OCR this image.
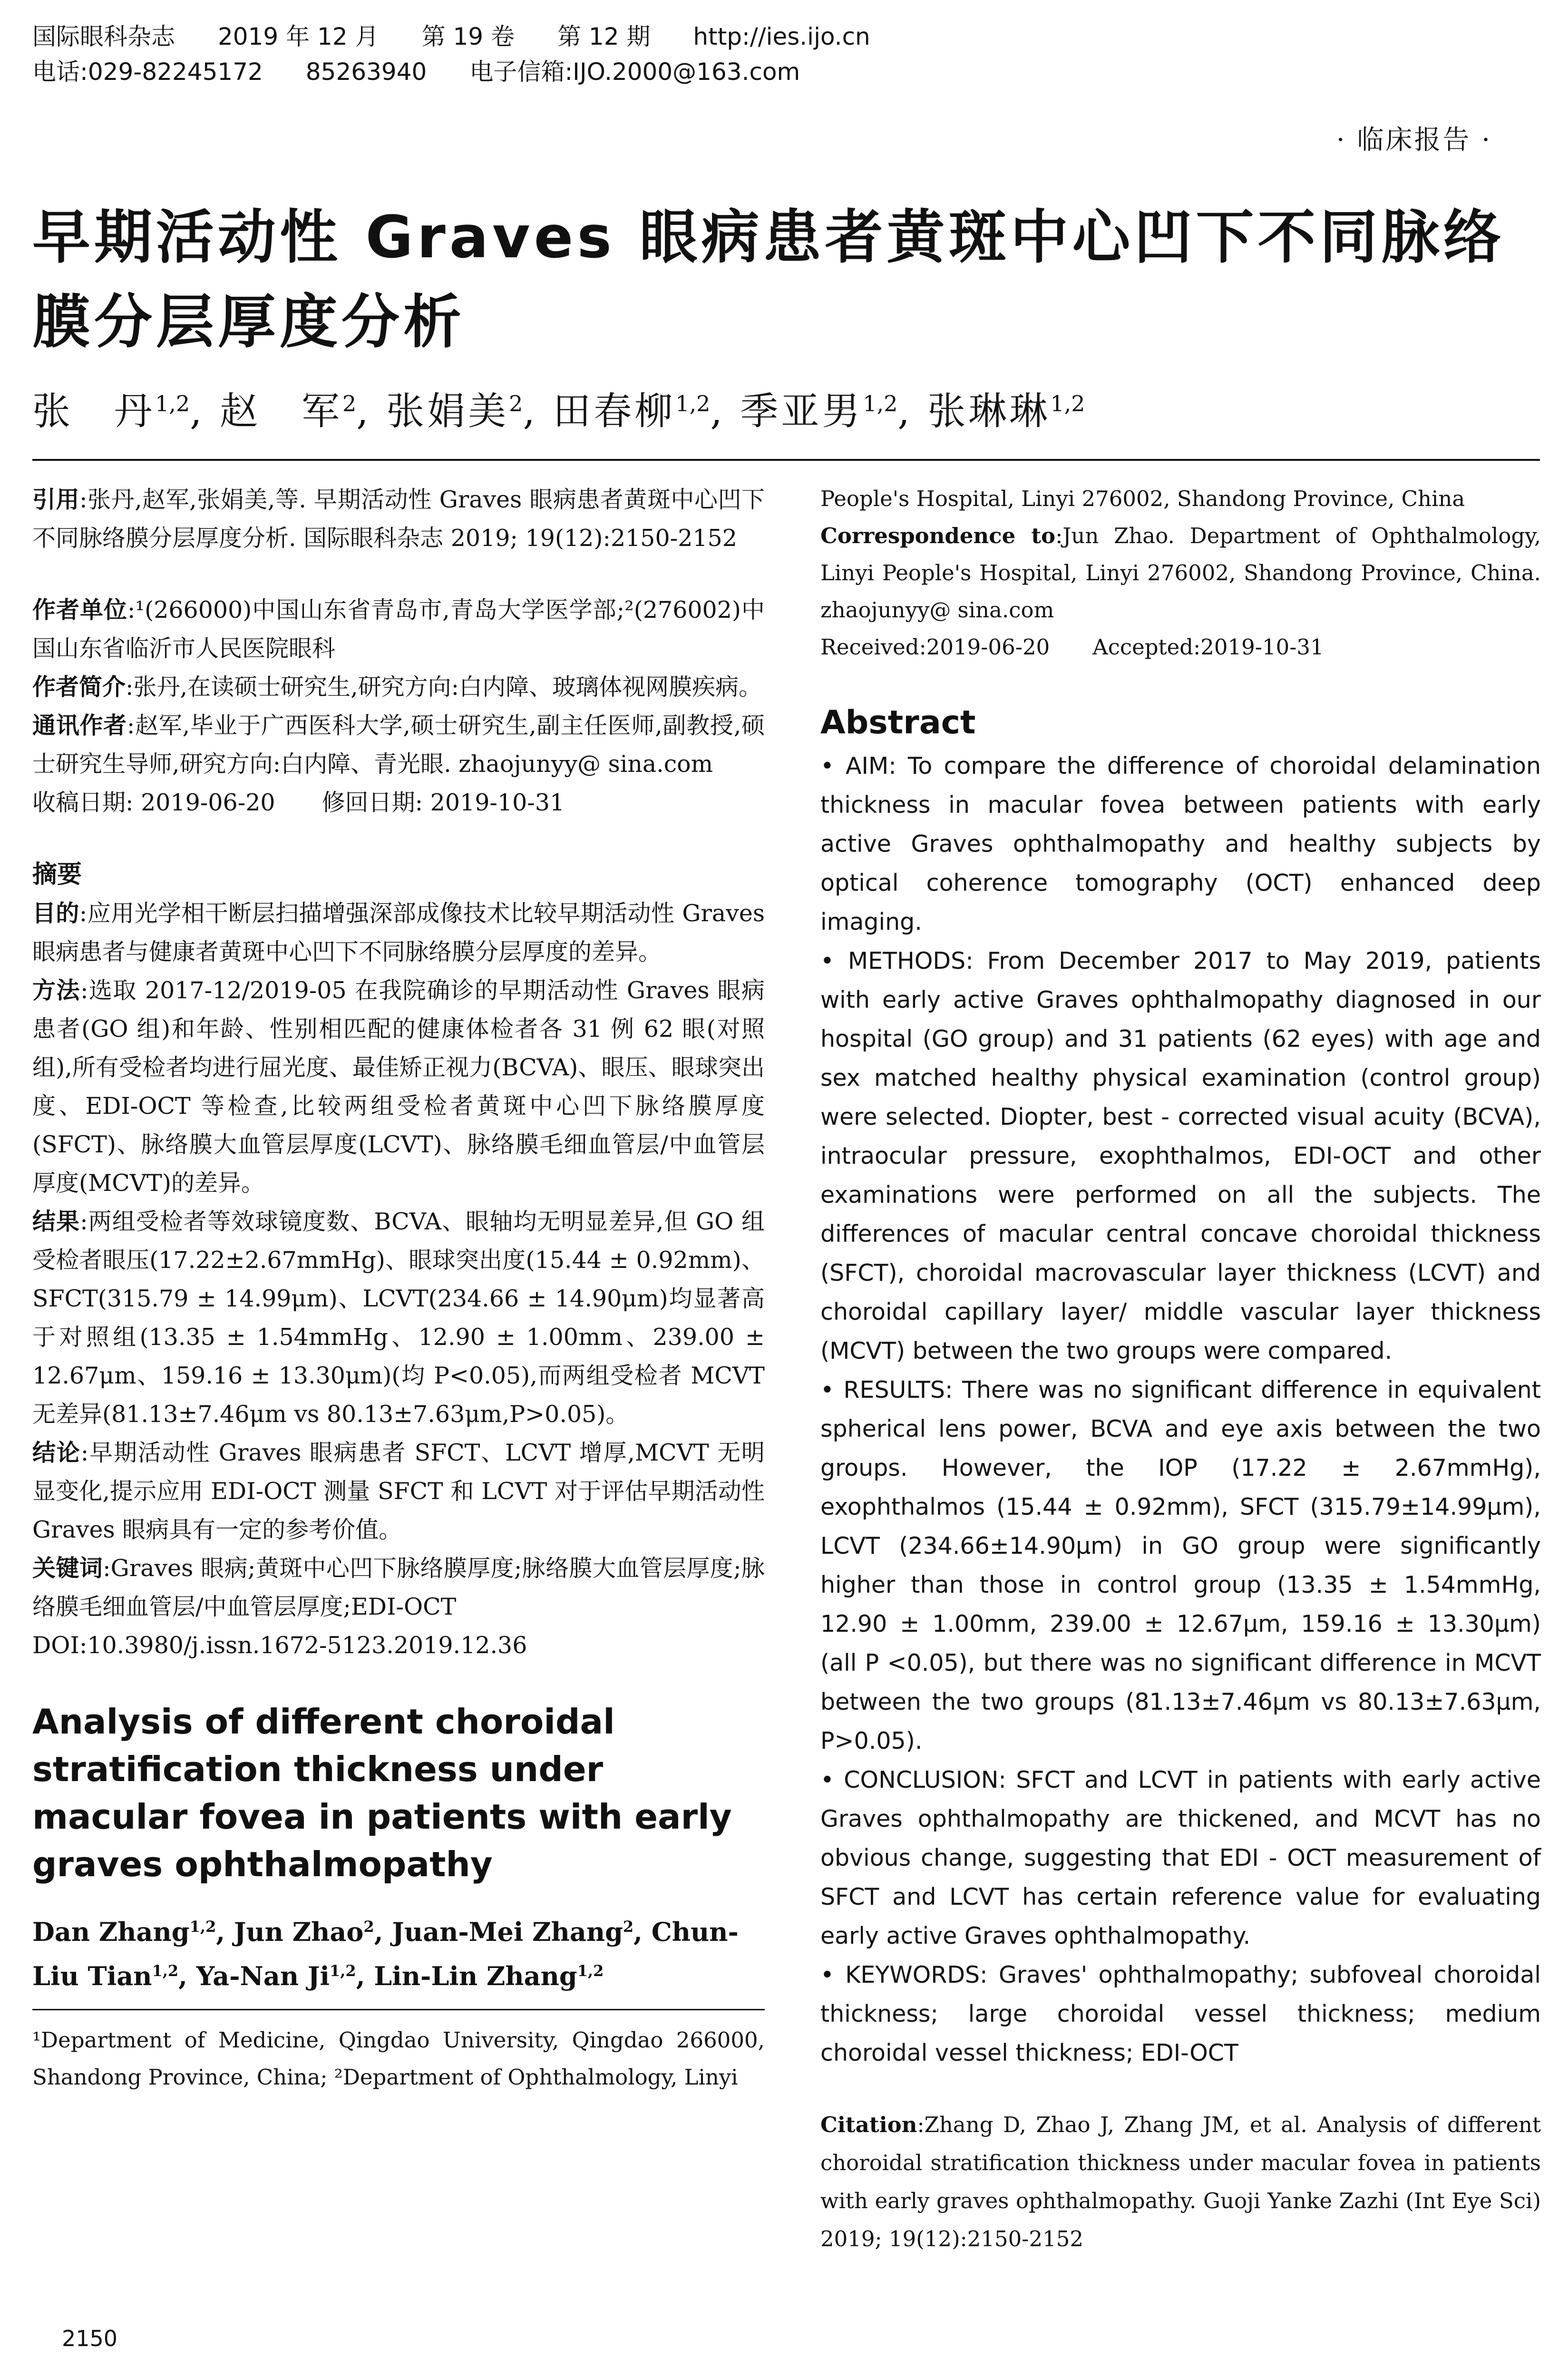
国际眼科杂志 2019 年 12 月 第 19 卷 第 12 期 http://ies.ijo.cn
电话:029-82245172 85263940 电子信箱:IJO.2000@163.com
· 临床报告 ·
早期活动性 Graves 眼病患者黄斑中心凹下不同脉络膜分层厚度分析
张　丹$^{1,2}$, 赵　军$^2$, 张娟美$^2$, 田春柳$^{1,2}$, 季亚男$^{1,2}$, 张琳琳$^{1,2}$

引用:张丹,赵军,张娟美,等. 早期活动性 Graves 眼病患者黄斑中心凹下不同脉络膜分层厚度分析. 国际眼科杂志 2019; 19(12):2150-2152

作者单位:¹(266000)中国山东省青岛市,青岛大学医学部;²(276002)中国山东省临沂市人民医院眼科

作者简介:张丹,在读硕士研究生,研究方向:白内障、玻璃体视网膜疾病。

通讯作者:赵军,毕业于广西医科大学,硕士研究生,副主任医师,副教授,硕士研究生导师,研究方向:白内障、青光眼. zhaojunyy@ sina.com

收稿日期: 2019-06-20　　修回日期: 2019-10-31

摘要

目的:应用光学相干断层扫描增强深部成像技术比较早期活动性 Graves 眼病患者与健康者黄斑中心凹下不同脉络膜分层厚度的差异。

方法:选取 2017-12/2019-05 在我院确诊的早期活动性 Graves 眼病患者(GO 组)和年龄、性别相匹配的健康体检者各 31 例 62 眼(对照组),所有受检者均进行屈光度、最佳矫正视力(BCVA)、眼压、眼球突出度、EDI-OCT 等检查,比较两组受检者黄斑中心凹下脉络膜厚度(SFCT)、脉络膜大血管层厚度(LCVT)、脉络膜毛细血管层/中血管层厚度(MCVT)的差异。

结果:两组受检者等效球镜度数、BCVA、眼轴均无明显差异,但 GO 组受检者眼压(17.22±2.67mmHg)、眼球突出度(15.44 ± 0.92mm)、SFCT(315.79 ± 14.99μm)、LCVT(234.66 ± 14.90μm)均显著高于对照组(13.35 ± 1.54mmHg、12.90 ± 1.00mm、239.00 ± 12.67μm、159.16 ± 13.30μm)(均 P<0.05),而两组受检者 MCVT 无差异(81.13±7.46μm vs 80.13±7.63μm,P>0.05)。

结论:早期活动性 Graves 眼病患者 SFCT、LCVT 增厚,MCVT 无明显变化,提示应用 EDI-OCT 测量 SFCT 和 LCVT 对于评估早期活动性 Graves 眼病具有一定的参考价值。

关键词:Graves 眼病;黄斑中心凹下脉络膜厚度;脉络膜大血管层厚度;脉络膜毛细血管层/中血管层厚度;EDI-OCT

DOI:10.3980/j.issn.1672-5123.2019.12.36

Analysis of different choroidal stratification thickness under macular fovea in patients with early graves ophthalmopathy

Dan Zhang$^{1,2}$, Jun Zhao$^2$, Juan-Mei Zhang$^2$, Chun-Liu Tian$^{1,2}$, Ya-Nan Ji$^{1,2}$, Lin-Lin Zhang$^{1,2}$

¹Department of Medicine, Qingdao University, Qingdao 266000, Shandong Province, China; ²Department of Ophthalmology, Linyi

People's Hospital, Linyi 276002, Shandong Province, China

Correspondence to:Jun Zhao. Department of Ophthalmology, Linyi People's Hospital, Linyi 276002, Shandong Province, China. zhaojunyy@ sina.com

Received:2019-06-20　　Accepted:2019-10-31

Abstract

• AIM: To compare the difference of choroidal delamination thickness in macular fovea between patients with early active Graves ophthalmopathy and healthy subjects by optical coherence tomography (OCT) enhanced deep imaging.

• METHODS: From December 2017 to May 2019, patients with early active Graves ophthalmopathy diagnosed in our hospital (GO group) and 31 patients (62 eyes) with age and sex matched healthy physical examination (control group) were selected. Diopter, best - corrected visual acuity (BCVA), intraocular pressure, exophthalmos, EDI-OCT and other examinations were performed on all the subjects. The differences of macular central concave choroidal thickness (SFCT), choroidal macrovascular layer thickness (LCVT) and choroidal capillary layer/ middle vascular layer thickness (MCVT) between the two groups were compared.

• RESULTS: There was no significant difference in equivalent spherical lens power, BCVA and eye axis between the two groups. However, the IOP (17.22 ± 2.67mmHg), exophthalmos (15.44 ± 0.92mm), SFCT (315.79±14.99μm), LCVT (234.66±14.90μm) in GO group were significantly higher than those in control group (13.35 ± 1.54mmHg, 12.90 ± 1.00mm, 239.00 ± 12.67μm, 159.16 ± 13.30μm) (all P <0.05), but there was no significant difference in MCVT between the two groups (81.13±7.46μm vs 80.13±7.63μm, P>0.05).

• CONCLUSION: SFCT and LCVT in patients with early active Graves ophthalmopathy are thickened, and MCVT has no obvious change, suggesting that EDI - OCT measurement of SFCT and LCVT has certain reference value for evaluating early active Graves ophthalmopathy.

• KEYWORDS: Graves' ophthalmopathy; subfoveal choroidal thickness; large choroidal vessel thickness; medium choroidal vessel thickness; EDI-OCT

Citation:Zhang D, Zhao J, Zhang JM, et al. Analysis of different choroidal stratification thickness under macular fovea in patients with early graves ophthalmopathy. Guoji Yanke Zazhi (Int Eye Sci) 2019; 19(12):2150-2152

2150
